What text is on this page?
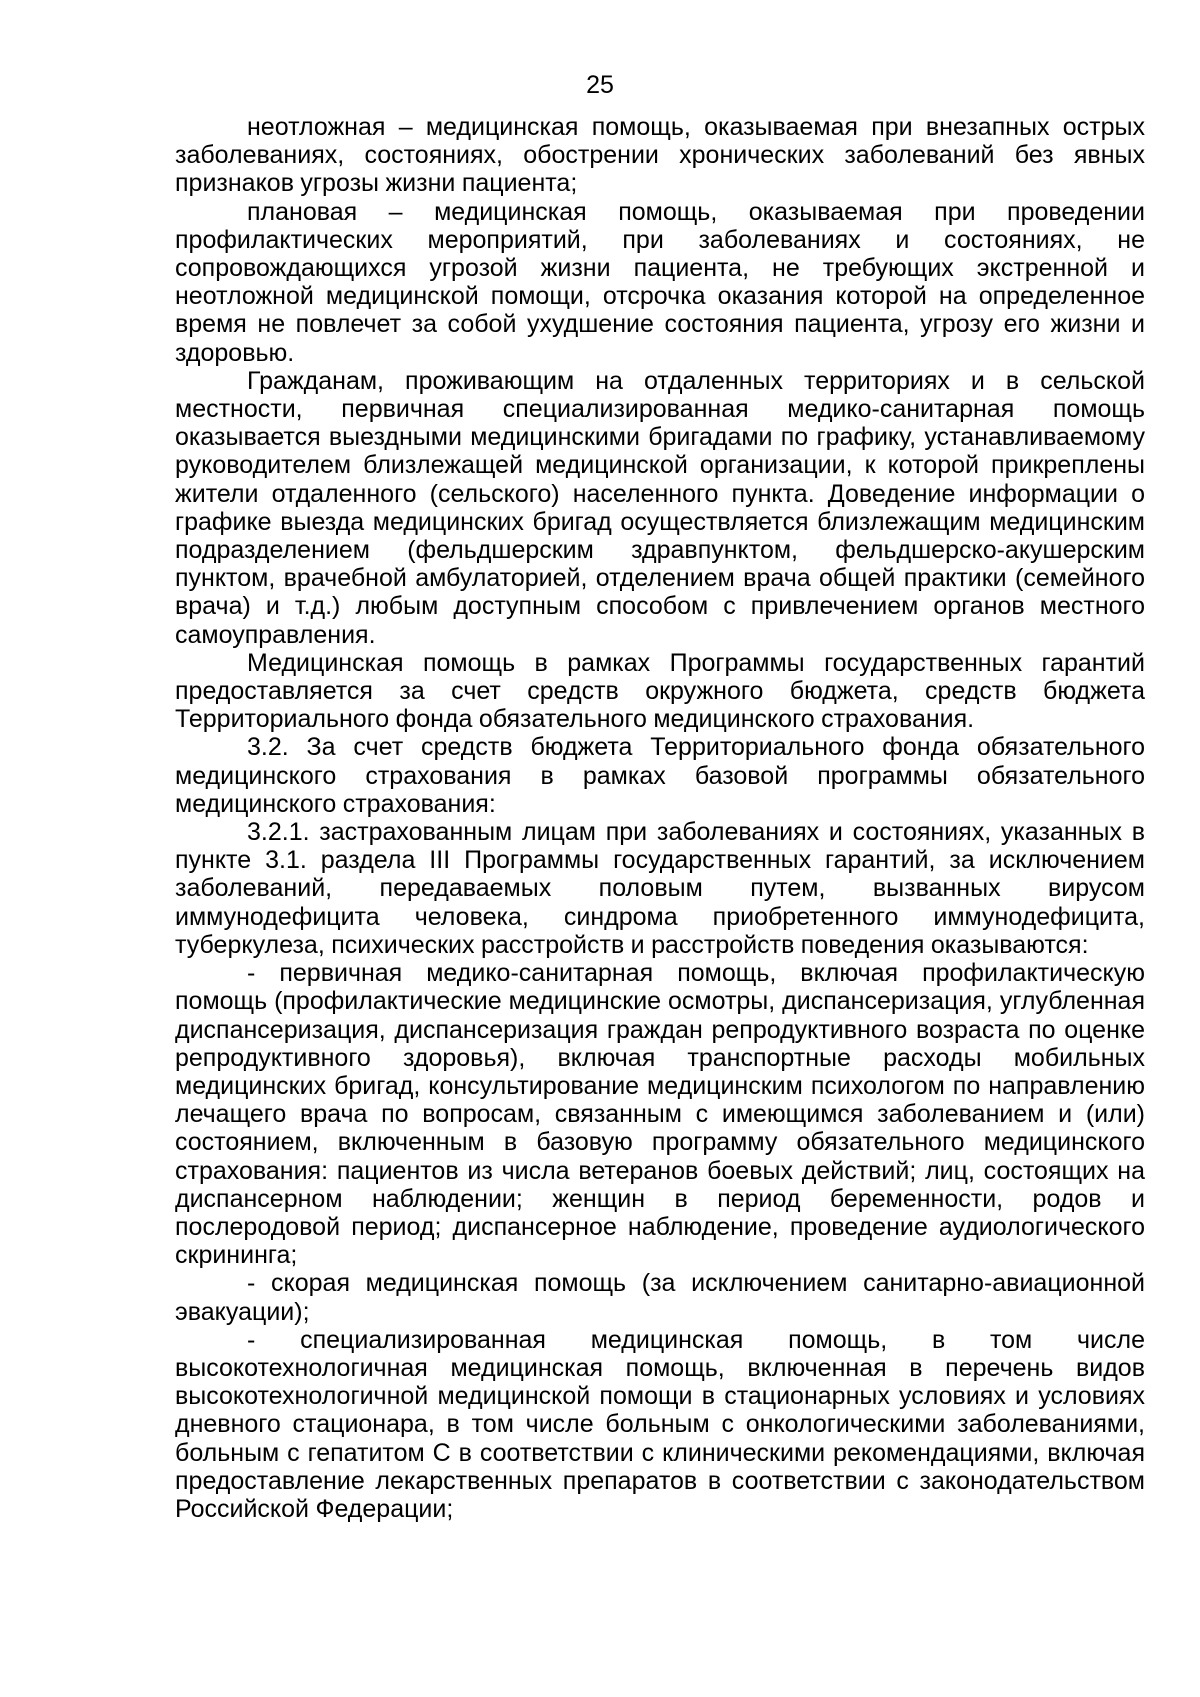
25

неотложная – медицинская помощь, оказываемая при внезапных острых заболеваниях, состояниях, обострении хронических заболеваний без явных признаков угрозы жизни пациента;

плановая – медицинская помощь, оказываемая при проведении профилактических мероприятий, при заболеваниях и состояниях, не сопровождающихся угрозой жизни пациента, не требующих экстренной и неотложной медицинской помощи, отсрочка оказания которой на определенное время не повлечет за собой ухудшение состояния пациента, угрозу его жизни и здоровью.

Гражданам, проживающим на отдаленных территориях и в сельской местности, первичная специализированная медико-санитарная помощь оказывается выездными медицинскими бригадами по графику, устанавливаемому руководителем близлежащей медицинской организации, к которой прикреплены жители отдаленного (сельского) населенного пункта. Доведение информации о графике выезда медицинских бригад осуществляется близлежащим медицинским подразделением (фельдшерским здравпунктом, фельдшерско-акушерским пунктом, врачебной амбулаторией, отделением врача общей практики (семейного врача) и т.д.) любым доступным способом с привлечением органов местного самоуправления.

Медицинская помощь в рамках Программы государственных гарантий предоставляется за счет средств окружного бюджета, средств бюджета Территориального фонда обязательного медицинского страхования.

3.2. За счет средств бюджета Территориального фонда обязательного медицинского страхования в рамках базовой программы обязательного медицинского страхования:

3.2.1. застрахованным лицам при заболеваниях и состояниях, указанных в пункте 3.1. раздела III Программы государственных гарантий, за исключением заболеваний, передаваемых половым путем, вызванных вирусом иммунодефицита человека, синдрома приобретенного иммунодефицита, туберкулеза, психических расстройств и расстройств поведения оказываются:

- первичная медико-санитарная помощь, включая профилактическую помощь (профилактические медицинские осмотры, диспансеризация, углубленная диспансеризация, диспансеризация граждан репродуктивного возраста по оценке репродуктивного здоровья), включая транспортные расходы мобильных медицинских бригад, консультирование медицинским психологом по направлению лечащего врача по вопросам, связанным с имеющимся заболеванием и (или) состоянием, включенным в базовую программу обязательного медицинского страхования: пациентов из числа ветеранов боевых действий; лиц, состоящих на диспансерном наблюдении; женщин в период беременности, родов и послеродовой период; диспансерное наблюдение, проведение аудиологического скрининга;

- скорая медицинская помощь (за исключением санитарно-авиационной эвакуации);

- специализированная медицинская помощь, в том числе высокотехнологичная медицинская помощь, включенная в перечень видов высокотехнологичной медицинской помощи в стационарных условиях и условиях дневного стационара, в том числе больным с онкологическими заболеваниями, больным с гепатитом С в соответствии с клиническими рекомендациями, включая предоставление лекарственных препаратов в соответствии с законодательством Российской Федерации;
